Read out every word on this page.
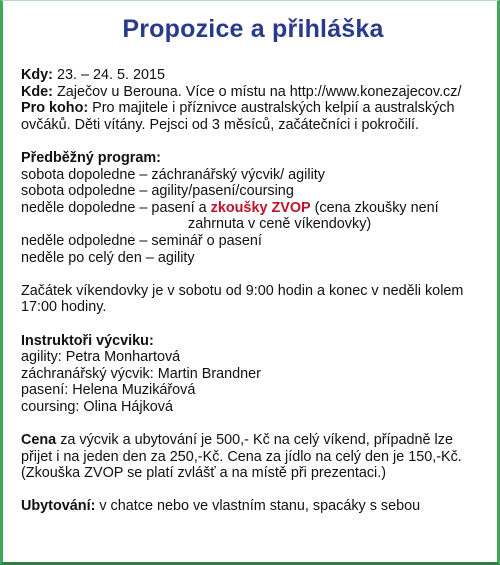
Propozice a přihláška
Kdy: 23. – 24. 5. 2015
Kde: Zaječov u Berouna. Více o místu na http://www.konezajecov.cz/
Pro koho: Pro majitele i příznivce australských kelpií a australských
ovčáků. Děti vítány. Pejsci od 3 měsíců, začátečníci i pokročilí.
Předběžný program:
sobota dopoledne – záchranářský výcvik/ agility
sobota odpoledne – agility/pasení/coursing
neděle dopoledne – pasení a zkoušky ZVOP (cena zkoušky není
zahrnuta v ceně víkendovky)
neděle odpoledne – seminář o pasení
neděle po celý den – agility
Začátek víkendovky je v sobotu od 9:00 hodin a konec v neděli kolem
17:00 hodiny.
Instruktoři výcviku:
agility: Petra Monhartová
záchranářský výcvik: Martin Brandner
pasení: Helena Muzikářová
coursing: Olina Hájková
Cena za výcvik a ubytování je 500,- Kč na celý víkend, případně lze
přijet i na jeden den za 250,-Kč. Cena za jídlo na celý den je 150,-Kč.
(Zkouška ZVOP se platí zvlášť a na místě při prezentaci.)
Ubytování: v chatce nebo ve vlastním stanu, spacáky s sebou
